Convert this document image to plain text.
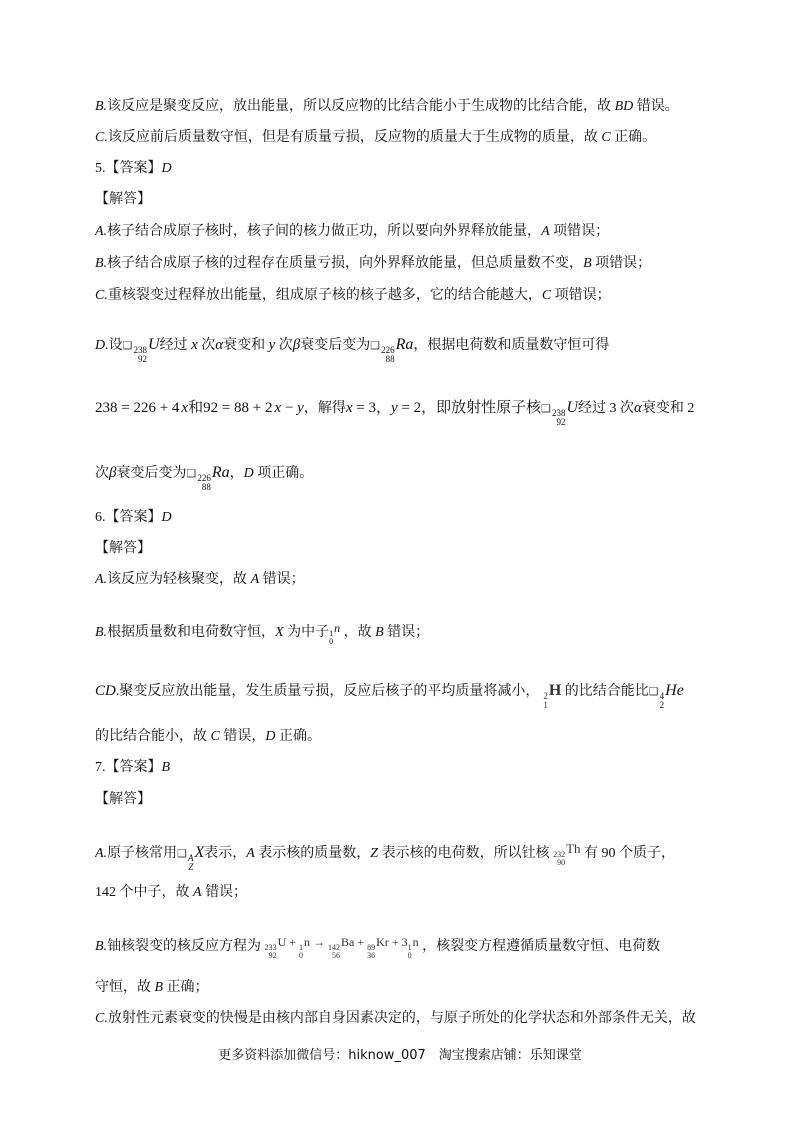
B.该反应是聚变反应，放出能量，所以反应物的比结合能小于生成物的比结合能，故 BD 错误。
C.该反应前后质量数守恒，但是有质量亏损，反应物的质量大于生成物的质量，故 C 正确。
5.【答案】D
【解答】
A.核子结合成原子核时，核子间的核力做正功，所以要向外界释放能量，A 项错误；
B.核子结合成原子核的过程存在质量亏损，向外界释放能量，但总质量数不变，B 项错误；
C.重核裂变过程释放出能量，组成原子核的核子越多，它的结合能越大，C 项错误；
D.设❑ 238
92
U经过 x 次α衰变和 y 次β衰变后变为❑ 226
88
Ra，根据电荷数和质量数守恒可得
238 = 226 + 4 x和92 = 88 + 2 x − y，解得x = 3，y = 2，即放射性原子核❑ 238
92
U经过 3 次α衰变和 2
次β衰变后变为❑ 226
88
Ra，D 项正确。
6.【答案】D
【解答】
A.该反应为轻核聚变，故 A 错误；
B.根据质量数和电荷数守恒，X 为中子 1
0
n ，故 B 错误；
CD.聚变反应放出能量，发生质量亏损，反应后核子的平均质量将减小， 2
1
H 的比结合能比❑ 4
2
He
的比结合能小，故 C 错误，D 正确。
7.【答案】B
【解答】
A.原子核常用❑ A
Z
X表示，A 表示核的质量数，Z 表示核的电荷数，所以钍核 232
90
Th 有 90 个质子，
142 个中子，故 A 错误；
B.铀核裂变的核反应方程为 233
92
U + 1
0
n → 142
56
Ba + 89
36
Kr + 3 1
0
n ，核裂变方程遵循质量数守恒、电荷数
守恒，故 B 正确；
C.放射性元素衰变的快慢是由核内部自身因素决定的，与原子所处的化学状态和外部条件无关，故
更多资料添加微信号：hiknow_007　淘宝搜索店铺：乐知课堂
